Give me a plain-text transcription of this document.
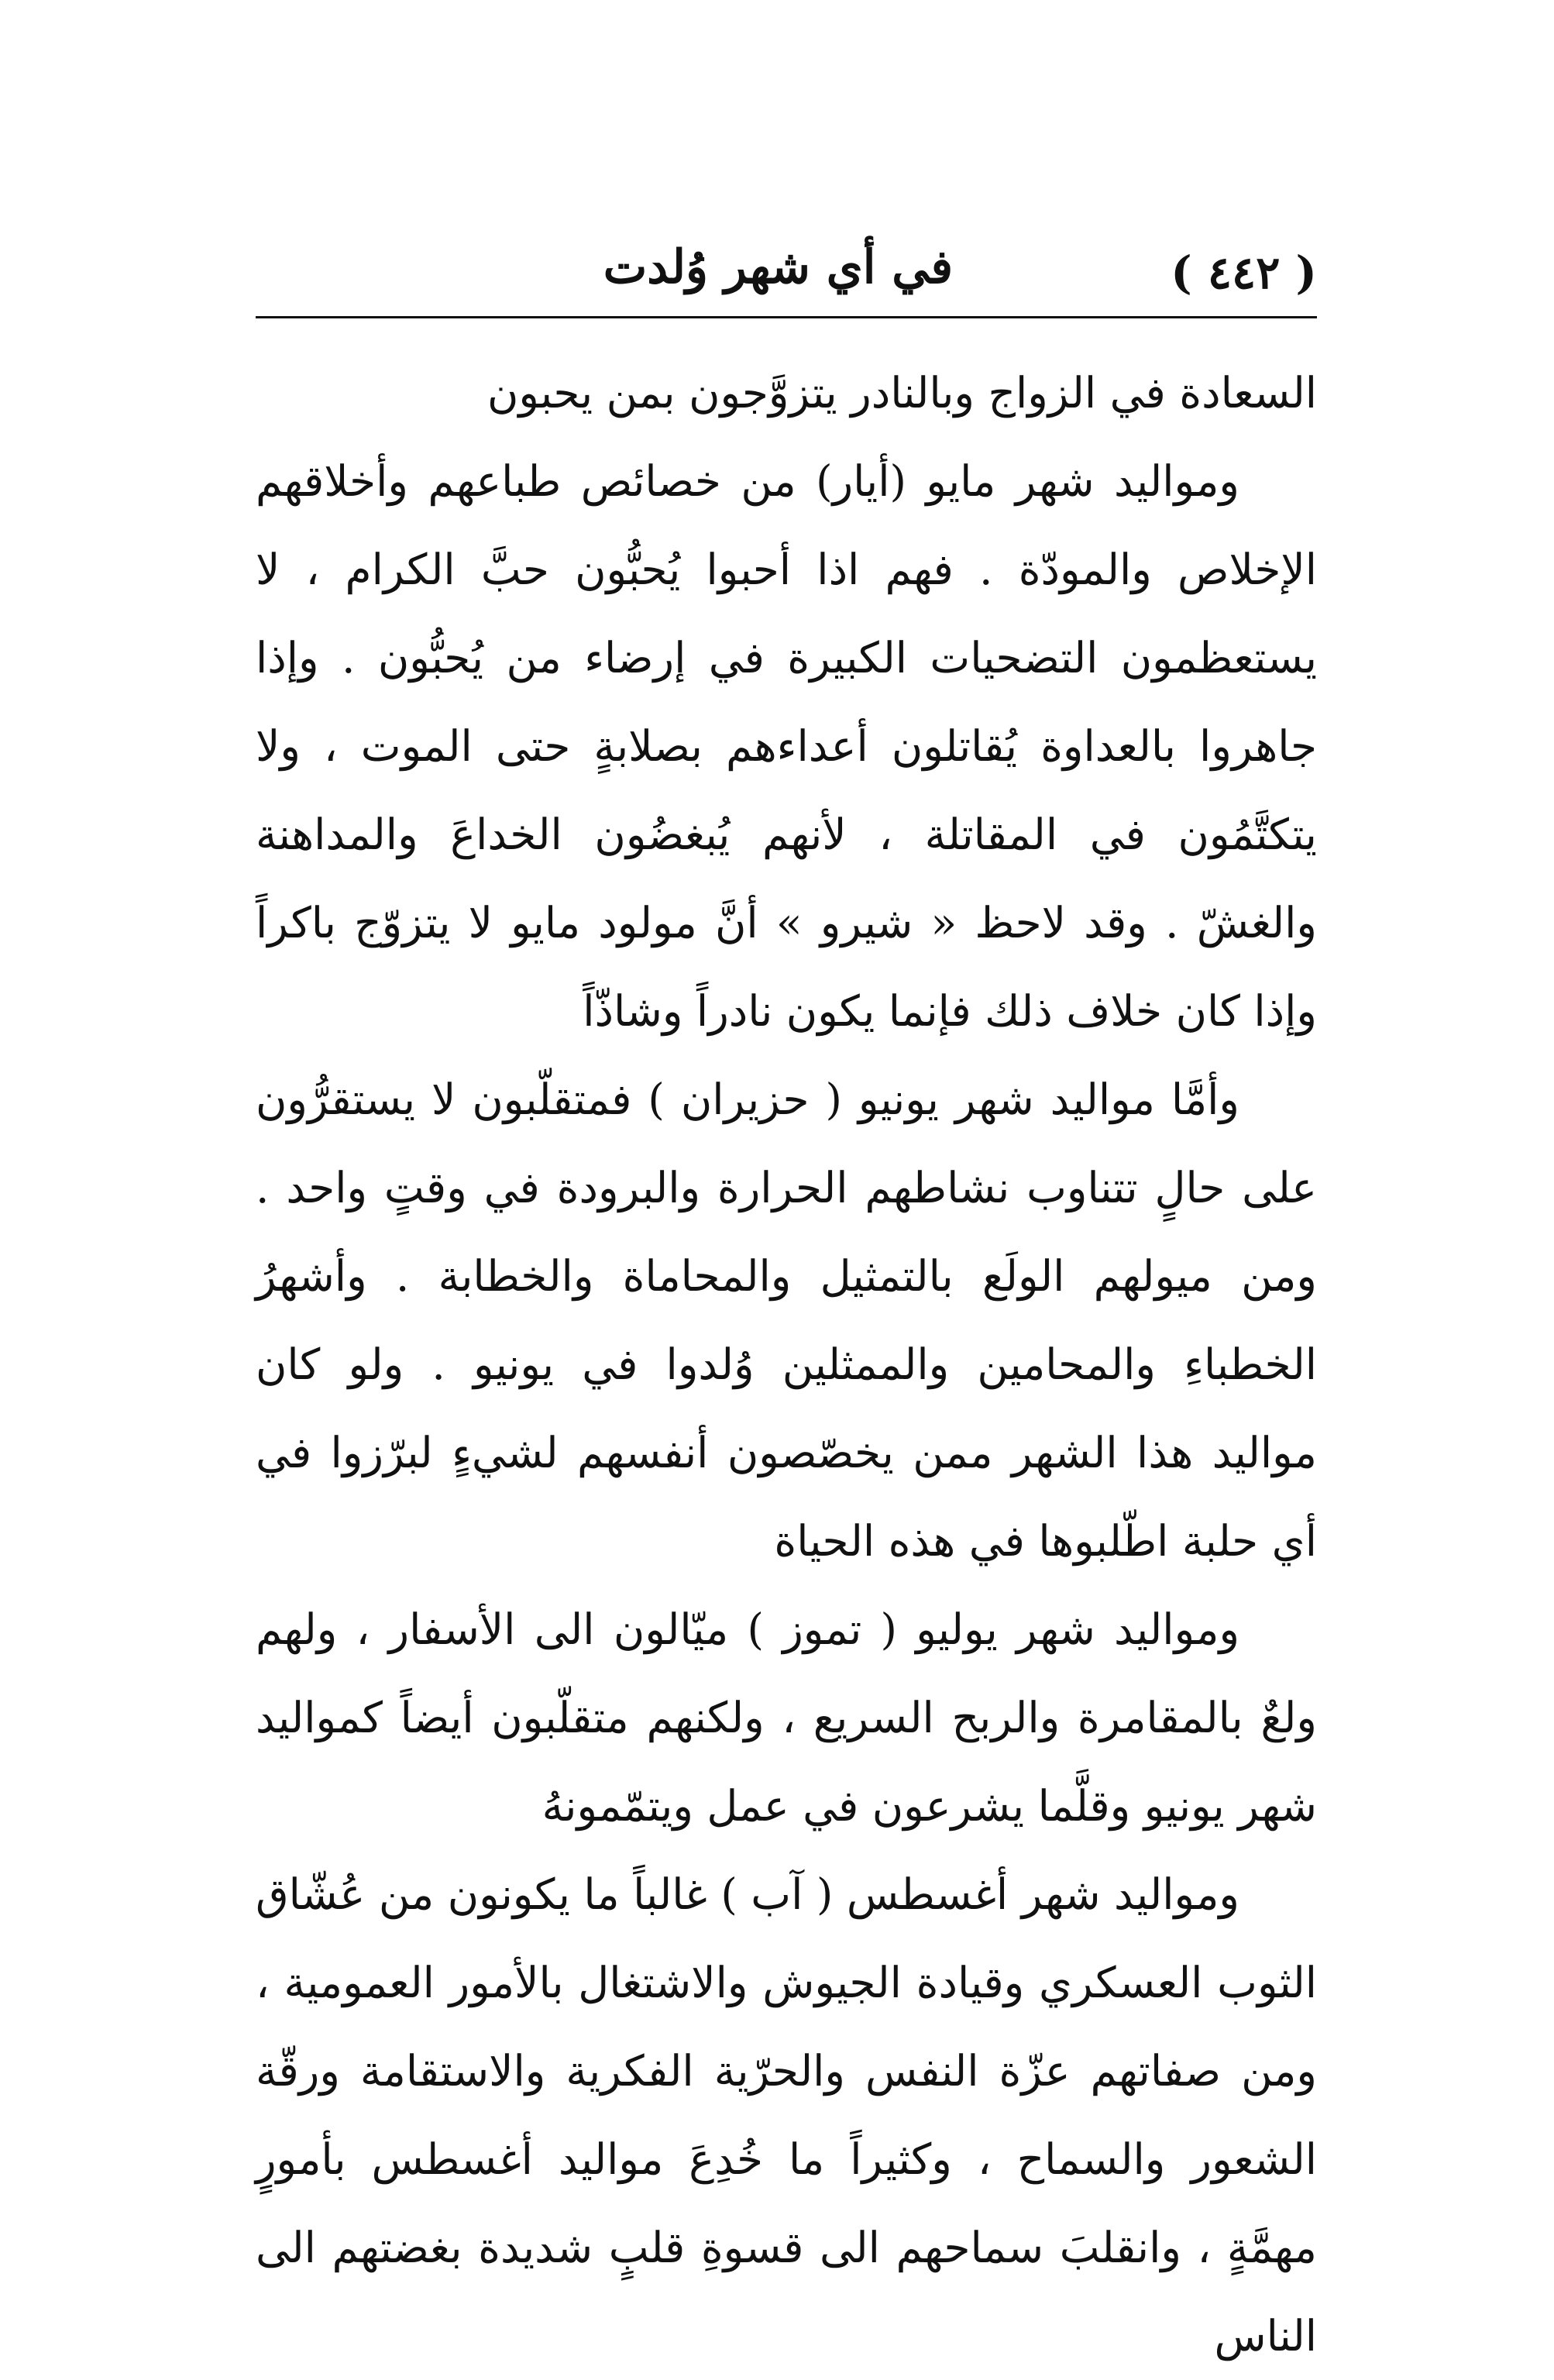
( ٤٤٢ )
في أي شهر وُلدت

السعادة في الزواج وبالنادر يتزوَّجون بمن يحبون

ومواليد شهر مايو (أيار) من خصائص طباعهم وأخلاقهم الإخلاص والمودّة . فهم اذا أحبوا يُحبُّون حبَّ الكرام ، لا يستعظمون التضحيات الكبيرة في إرضاء من يُحبُّون . وإذا جاهروا بالعداوة يُقاتلون أعداءهم بصلابةٍ حتى الموت ، ولا يتكتَّمُون في المقاتلة ، لأنهم يُبغضُون الخداعَ والمداهنة والغشّ . وقد لاحظ « شيرو » أنَّ مولود مايو لا يتزوّج باكراً وإذا كان خلاف ذلك فإنما يكون نادراً وشاذّاً

وأمَّا مواليد شهر يونيو ( حزيران ) فمتقلّبون لا يستقرُّون على حالٍ تتناوب نشاطهم الحرارة والبرودة في وقتٍ واحد . ومن ميولهم الولَع بالتمثيل والمحاماة والخطابة . وأشهرُ الخطباءِ والمحامين والممثلين وُلدوا في يونيو . ولو كان مواليد هذا الشهر ممن يخصّصون أنفسهم لشيءٍ لبرّزوا في أي حلبة اطّلبوها في هذه الحياة

ومواليد شهر يوليو ( تموز ) ميّالون الى الأسفار ، ولهم ولعٌ بالمقامرة والربح السريع ، ولكنهم متقلّبون أيضاً كمواليد شهر يونيو وقلَّما يشرعون في عمل ويتمّمونهُ

ومواليد شهر أغسطس ( آب ) غالباً ما يكونون من عُشّاق الثوب العسكري وقيادة الجيوش والاشتغال بالأمور العمومية ، ومن صفاتهم عزّة النفس والحرّية الفكرية والاستقامة ورقّة الشعور والسماح ، وكثيراً ما خُدِعَ مواليد أغسطس بأمورٍ مهمَّةٍ ، وانقلبَ سماحهم الى قسوةِ قلبٍ شديدة بغضتهم الى الناس
